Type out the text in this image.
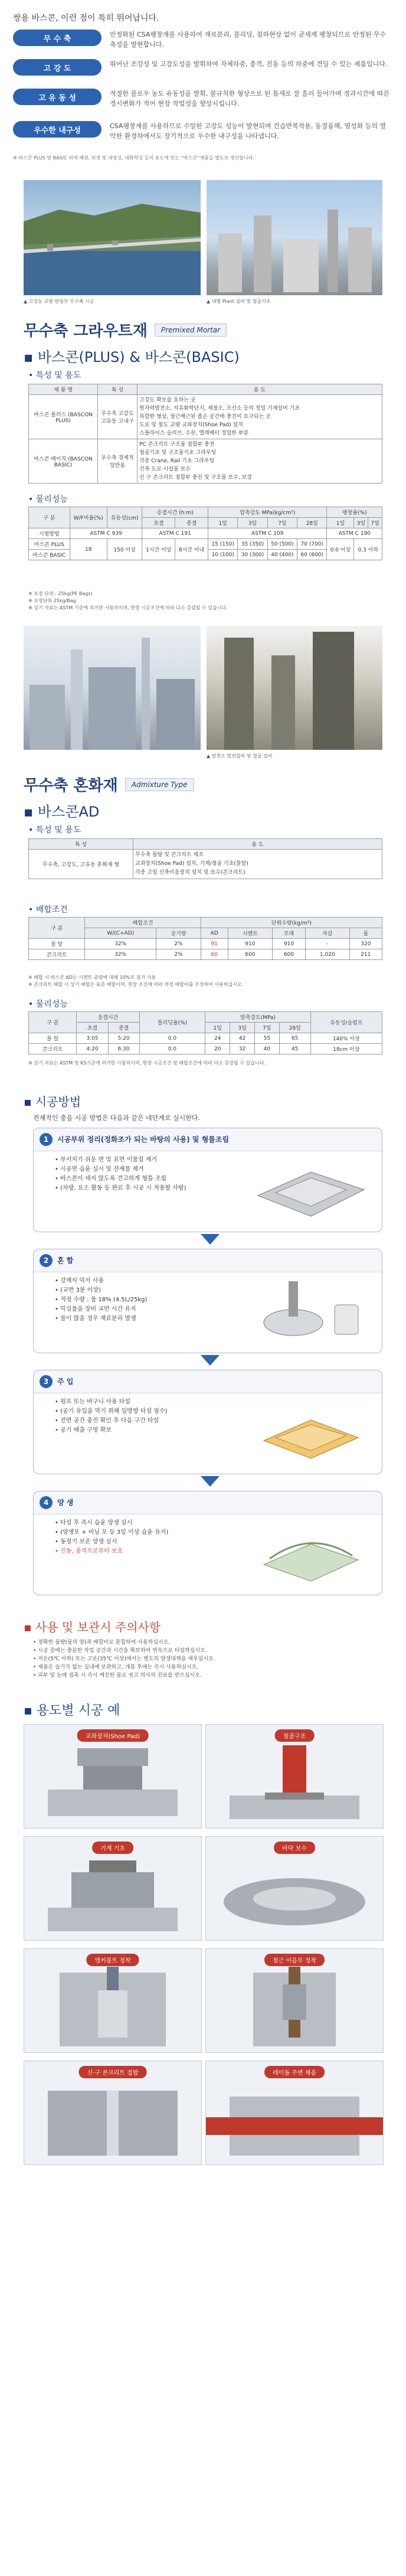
쌍용 바스콘, 이런 점이 특히 뛰어납니다.
무 수 축	안정화된 CSA팽창재를 사용하여 재료분리, 블리딩, 침하현상 없이 균세계 팽창되므로 안정된 무수축성을 발현합니다.
고 강 도	뛰어난 조강성 및 고강도성을 발휘하여 자체하중, 충격, 진동 등의 하중에 견딜 수 있는 제품입니다.
고 유 동 성	적절한 플로우 농도 유동성을 발휘, 불규칙한 형상으로 된 틈새로 잘 흘러 들어가며 경과시간에 따른 경시변화가 적어 현장 작업성을 향상시킵니다.
우수한 내구성	CSA팽창재를 사용하므로 수밀한 고강도 성능이 발현되며 건습반복작용, 동결융해, 염성화 등의 열악한 환경하에서도 장기적으로 우수한 내구성을 나타냅니다.
※ 바스콘 PLUS 및 BASIC 외에 해양, 위생 및 내염성, 내화학성 등의 용도에 맞는 ''바스콘''제품을 별도로 생산합니다.
▲ 고성능 교량 받침부 무수축 시공	▲ 대형 Plant 설비 및 철골기초
무수축 그라우트재	Premixed Mortar
▪ 바스콘(PLUS) & 바스콘(BASIC)
• 특성 및 용도
제 품 명	특 성	용 도
바스콘 플러스 (BASCON PLUS)	무수축 고강도 고유동 고내구	고강도 확보를 요하는 곳
원자력발전소, 석유화학단지, 제철소, 조선소 등의 정밀 기계설비 기초
복합한 형상, 철근배근된 좁은 공간에 충진이 요구되는 곳
도로 및 철도 교량 교좌장치(Shoe Pad) 설치
스플라이스 슬리브, 수문, 엘레베터 정밀한 부분

바스콘 베이직 (BASCON BASIC)	무수축 경제적 일반용	PC 콘크리트 구조물 접합부 충전
철골기초 및 구조물기초 그라우팅
각종 Crane, Rail 기초 그라우팅
건축·도로·시설물 보수
신 구 콘크리트 접합부 충진 및 구조물 보수, 보강
• 물리성능
구 분	W/F비율(%)	유동성(cm)	응결시간 (h:m)		압축강도 MPa(kg/cm²)				팽창율(%)		
			초결	종결	1일	3일	7일	28일	1일	3일	7일
시험방법	ASTM C 939		ASTM C 191		ASTM C 109				ASTM C 190		
바스콘 PLUS	18	150 이상	1시간 이상	8시간 이내	15 (150)	35 (350)	50 (500)	70 (700)	0.0 이상	0.3 이하	
바스콘 BASIC					10 (100)	30 (300)	40 (400)	60 (600)			
※ 포장 단위 : 25kg(PE Bags)
※ 포장단위 25kg/Bag
※ 상기 자료는 ASTM 기준에 의거한 시험치이며, 현장 시공조건에 따라 다소 증감될 수 있습니다.
▲ 발전소 발전설비 및 철골 설비
무수축 혼화재	Admixture Type
▪ 바스콘AD
• 특성 및 용도
특 성	용 도
무수축, 고강도, 고유동 혼화재 형	무수축 물탕 및 콘크리트 제조
교좌장치(Shoe Pad) 설치, 기계/철골 기초(몰탈)
각종 고밀 신축이음장치 설치 및 보수(콘크리트)
• 배합조건
구 분	배합조건		단위수량(kg/m³)				
	W/(C+AD)	공기량	AD	시멘트	모래	자갈	물
몰 탈	32%	2%	91	910	910	-	320
콘크리트	32%	2%	60	600	600	1,020	211
※ 배합 시 바스콘 AD는 시멘트 중량에 대해 10%로 첨가 사용
※ 콘크리트 배합 시 상기 배합은 표준 배합이며, 현장 조건에 따라 적정 배합비를 조정하여 사용하십시오.
• 물리성능
구 분	응결시간		블리딩율(%)	압축강도(MPa)				유동성/슬럼프
	초결	종결		1일	3일	7일	28일	
몰 탈	3:05	5:20	0.0	24	42	55	65	140% 이상
콘크리트	4:20	6:30	0.0	20	32	40	45	18cm 이상
※ 상기 자료는 ASTM 및 KS기준에 의거한 시험치이며, 현장 시공조건 및 배합조건에 따라 다소 증감될 수 있습니다.
▪ 시공방법
전체적인 충을 시공 방법은 다음과 같은 네단계로 실시한다.
1	시공부위 정리(정화조가 되는 바탕의 사용) 및 형틀조립
• 부서지기 쉬운 면 및 표면 이물질 제거
• 시공면 습윤 실시 및 잔재물 제거
• 바스콘이 새지 않도록 견고하게 형틀 조립
• (차량, 요소 활동 등 완료 후 시공 시 적용할 사람)
2	혼 합
• 강제식 믹서 사용
• (교반 3분 이상)
• 적정 수량 : 물 18% (4.5L/25kg)
• 믹싱물을 장비 교반 시간 유지
• 물이 많을 경우 재료분리 발생
3	주 입
• 펌프 또는 바구니 사용 타설
• (공기 유입을 막기 위해 일방향 타설 필수)
• 전면 공간 충진 확인 후 다음 구간 타설
• 공기 배출 구멍 확보
4	양 생
• 타설 후 즉시 습윤 양생 실시
• (양생포 + 비닐 포 등 3일 이상 습윤 유지)
• 동절기 보온 양생 실시
• 진동, 충격으로부터 보호
▪ 사용 및 보관시 주의사항
• 정확한 물량(물의 양)과 배합비로 혼합하여 사용하십시오.
• 시공 중에는 충분한 작업 공간과 시간을 확보하여 연속으로 타설하십시오.
• 저온(5℃ 이하) 또는 고온(35℃ 이상)에서는 별도의 양생대책을 세우십시오.
• 제품은 습기가 없는 실내에 보관하고, 개봉 후에는 즉시 사용하십시오.
• 피부 및 눈에 접촉 시 즉시 깨끗한 물로 씻고 의사의 진료를 받으십시오.
▪ 용도별 시공 예
교좌장치(Shoe Pad)	철골구조
기계 기초	바닥 보수
앵커볼트 정착	철근 이음부 정착
신·구 콘크리트 접합	레이돔 주변 채움
